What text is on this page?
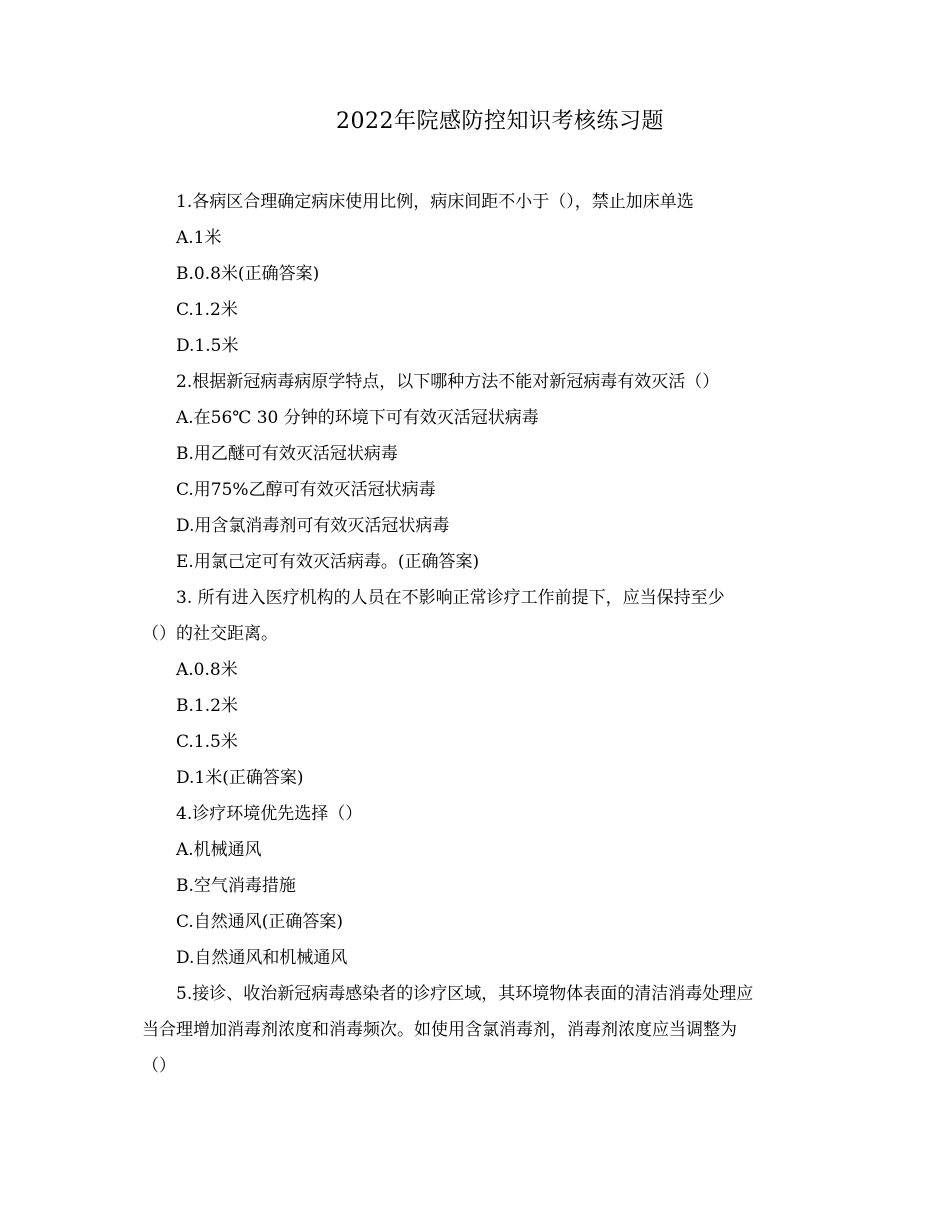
2022年院感防控知识考核练习题

1.各病区合理确定病床使用比例，病床间距不小于（），禁止加床单选

A.1米

B.0.8米(正确答案)

C.1.2米

D.1.5米

2.根据新冠病毒病原学特点，以下哪种方法不能对新冠病毒有效灭活（）

A.在56℃ 30 分钟的环境下可有效灭活冠状病毒

B.用乙醚可有效灭活冠状病毒

C.用75%乙醇可有效灭活冠状病毒

D.用含氯消毒剂可有效灭活冠状病毒

E.用氯己定可有效灭活病毒。(正确答案)

3. 所有进入医疗机构的人员在不影响正常诊疗工作前提下，应当保持至少

（）的社交距离。

A.0.8米

B.1.2米

C.1.5米

D.1米(正确答案)

4.诊疗环境优先选择（）

A.机械通风

B.空气消毒措施

C.自然通风(正确答案)

D.自然通风和机械通风

5.接诊、收治新冠病毒感染者的诊疗区域，其环境物体表面的清洁消毒处理应

当合理增加消毒剂浓度和消毒频次。如使用含氯消毒剂，消毒剂浓度应当调整为

（）
